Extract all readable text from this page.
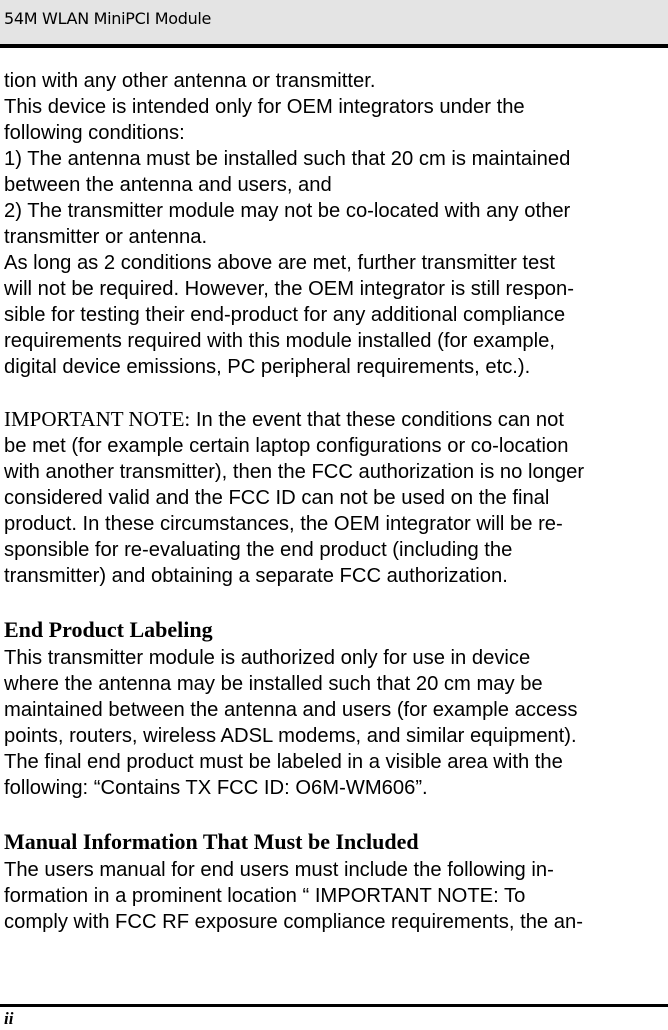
54M WLAN MiniPCI Module

tion with any other antenna or transmitter.

This device is intended only for OEM integrators under the

following conditions:

1) The antenna must be installed such that 20 cm is maintained

between the antenna and users, and

2) The transmitter module may not be co-located with any other

transmitter or antenna.

As long as 2 conditions above are met, further transmitter test

will not be required. However, the OEM integrator is still respon-

sible for testing their end-product for any additional compliance

requirements required with this module installed (for example,

digital device emissions, PC peripheral requirements, etc.).

IMPORTANT NOTE: In the event that these conditions can not

be met (for example certain laptop configurations or co-location

with another transmitter), then the FCC authorization is no longer

considered valid and the FCC ID can not be used on the final

product. In these circumstances, the OEM integrator will be re-

sponsible for re-evaluating the end product (including the

transmitter) and obtaining a separate FCC authorization.

End Product Labeling

This transmitter module is authorized only for use in device

where the antenna may be installed such that 20 cm may be

maintained between the antenna and users (for example access

points, routers, wireless ADSL modems, and similar equipment).

The final end product must be labeled in a visible area with the

following: “Contains TX FCC ID: O6M-WM606”.

Manual Information That Must be Included

The users manual for end users must include the following in-

formation in a prominent location “ IMPORTANT NOTE: To

comply with FCC RF exposure compliance requirements, the an-

ii
